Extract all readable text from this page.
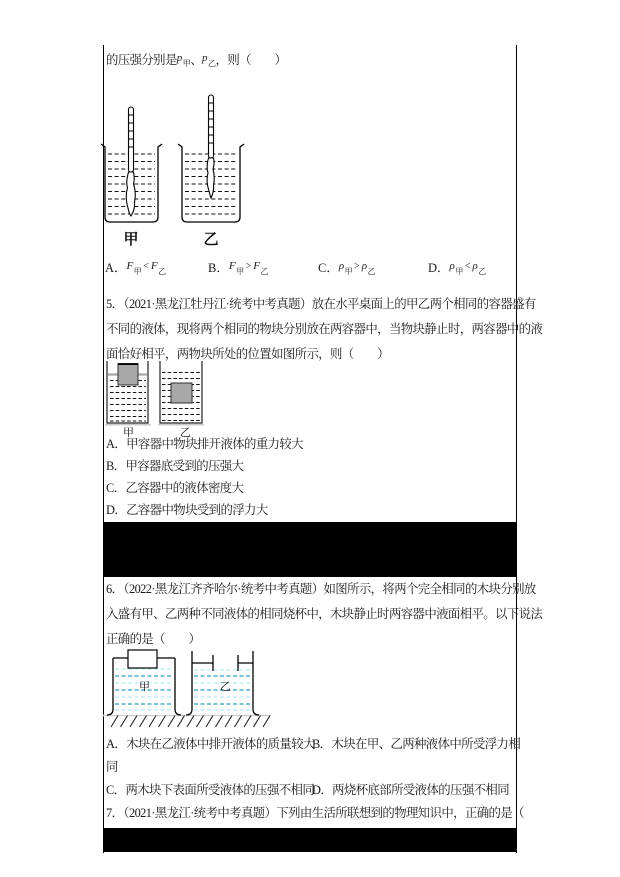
的压强分别是$p_甲$、$p_乙$，则（　　）
甲	乙
A．$F_甲 < F_乙$	B．$F_甲 > F_乙$	C．$\rho_甲 > \rho_乙$	D．$\rho_甲 < \rho_乙$
5．（2021·黑龙江牡丹江·统考中考真题）放在水平桌面上的甲乙两个相同的容器盛有
不同的液体，现将两个相同的物块分别放在两容器中，当物块静止时，两容器中的液
面恰好相平，两物块所处的位置如图所示，则（　　）
甲	乙
A．甲容器中物块排开液体的重力较大
B．甲容器底受到的压强大
C．乙容器中的液体密度大
D．乙容器中物块受到的浮力大
6．（2022·黑龙江齐齐哈尔·统考中考真题）如图所示，将两个完全相同的木块分别放
入盛有甲、乙两种不同液体的相同烧杯中，木块静止时两容器中液面相平。以下说法
正确的是（　　）
甲	乙
A．木块在乙液体中排开液体的质量较大
B．木块在甲、乙两种液体中所受浮力相
同
C．两木块下表面所受液体的压强不相同
D．两烧杯底部所受液体的压强不相同
7．（2021·黑龙江·统考中考真题）下列由生活所联想到的物理知识中，正确的是（
